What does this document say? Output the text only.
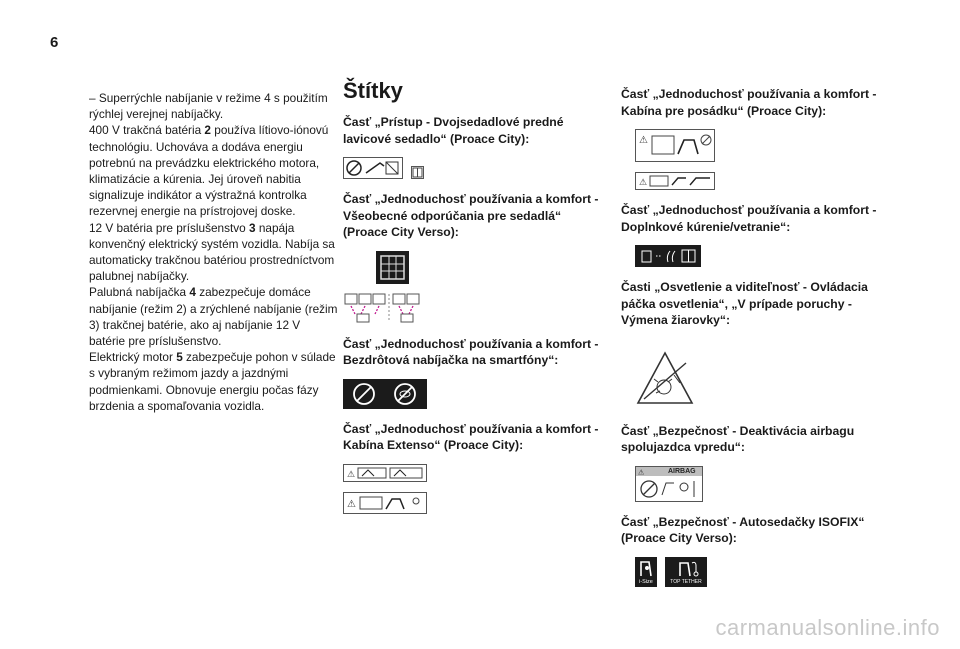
6

– Superrýchle nabíjanie v režime 4 s použitím rýchlej verejnej nabíjačky.

400 V trakčná batéria 2 používa lítiovo-iónovú technológiu. Uchováva a dodáva energiu potrebnú na prevádzku elektrického motora, klimatizácie a kúrenia. Jej úroveň nabitia signalizuje indikátor a výstražná kontrolka rezervnej energie na prístrojovej doske.

12 V batéria pre príslušenstvo 3 napája konvenčný elektrický systém vozidla. Nabíja sa automaticky trakčnou batériou prostredníctvom palubnej nabíjačky.

Palubná nabíjačka 4 zabezpečuje domáce nabíjanie (režim 2) a zrýchlené nabíjanie (režim 3) trakčnej batérie, ako aj nabíjanie 12 V batérie pre príslušenstvo.

Elektrický motor 5 zabezpečuje pohon v súlade s vybraným režimom jazdy a jazdnými podmienkami. Obnovuje energiu počas fázy brzdenia a spomaľovania vozidla.

Štítky
Časť „Prístup - Dvojsedadlové predné lavicové sedadlo“ (Proace City):
Časť „Jednoduchosť používania a komfort - Všeobecné odporúčania pre sedadlá“ (Proace City Verso):
Časť „Jednoduchosť používania a komfort - Bezdrôtová nabíjačka na smartfóny“:
Časť „Jednoduchosť používania a komfort - Kabína Extenso“ (Proace City):
⚠
⚠
Časť „Jednoduchosť používania a komfort - Kabína pre posádku“ (Proace City):
⚠
⚠
Časť „Jednoduchosť používania a komfort - Doplnkové kúrenie/vetranie“:
Časti „Osvetlenie a viditeľnosť - Ovládacia páčka osvetlenia“, „V prípade poruchy - Výmena žiarovky“:
Časť „Bezpečnosť - Deaktivácia airbagu spolujazdca vpredu“:
⚠	AIRBAG
Časť „Bezpečnosť - Autosedačky ISOFIX“ (Proace City Verso):
i-Size	TOP TETHER
carmanualsonline.info
